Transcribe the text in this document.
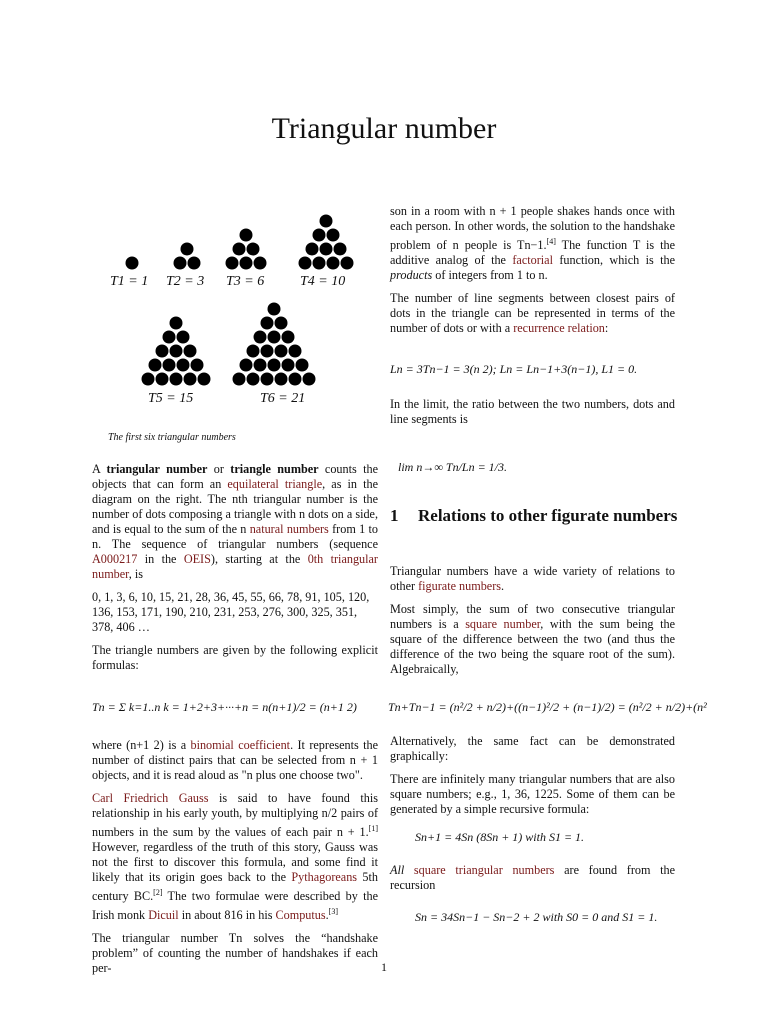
Triangular number
T1 = 1 T2 = 3 T3 = 6	T4 = 10
T5 = 15	T6 = 21
The first six triangular numbers

A triangular number or triangle number counts the objects that can form an equilateral triangle, as in the diagram on the right. The nth triangular number is the number of dots composing a triangle with n dots on a side, and is equal to the sum of the n natural numbers from 1 to n. The sequence of triangular numbers (sequence A000217 in the OEIS), starting at the 0th triangular number, is

0, 1, 3, 6, 10, 15, 21, 28, 36, 45, 55, 66, 78, 91, 105, 120, 136, 153, 171, 190, 210, 231, 253, 276, 300, 325, 351, 378, 406 …

The triangle numbers are given by the following explicit formulas:

son in a room with n + 1 people shakes hands once with each person. In other words, the solution to the handshake problem of n people is Tn−1.[4] The function T is the additive analog of the factorial function, which is the products of integers from 1 to n.

The number of line segments between closest pairs of dots in the triangle can be represented in terms of the number of dots or with a recurrence relation:

Ln = 3Tn−1 = 3(n 2); Ln = Ln−1+3(n−1), L1 = 0.

In the limit, the ratio between the two numbers, dots and line segments is

lim n→∞ Tn/Ln = 1/3.
1 Relations to other figurate numbers

Triangular numbers have a wide variety of relations to other figurate numbers.

Most simply, the sum of two consecutive triangular numbers is a square number, with the sum being the square of the difference between the two (and thus the difference of the two being the square root of the sum). Algebraically,

Tn = Σ k=1..n k = 1+2+3+···+n = n(n+1)/2 = (n+1 2)	Tn+Tn−1 = (n²/2 + n/2)+((n−1)²/2 + (n−1)/2) = (n²/2 + n/2)+(n²

where (n+1 2) is a binomial coefficient. It represents the number of distinct pairs that can be selected from n + 1 objects, and it is read aloud as "n plus one choose two".

Carl Friedrich Gauss is said to have found this relationship in his early youth, by multiplying n/2 pairs of numbers in the sum by the values of each pair n + 1.[1] However, regardless of the truth of this story, Gauss was not the first to discover this formula, and some find it likely that its origin goes back to the Pythagoreans 5th century BC.[2] The two formulae were described by the Irish monk Dicuil in about 816 in his Computus.[3]

The triangular number Tn solves the “handshake problem” of counting the number of handshakes if each per-

Alternatively, the same fact can be demonstrated graphically:

There are infinitely many triangular numbers that are also square numbers; e.g., 1, 36, 1225. Some of them can be generated by a simple recursive formula:

Sn+1 = 4Sn (8Sn + 1) with S1 = 1.

All square triangular numbers are found from the recursion

Sn = 34Sn−1 − Sn−2 + 2 with S0 = 0 and S1 = 1.
1
